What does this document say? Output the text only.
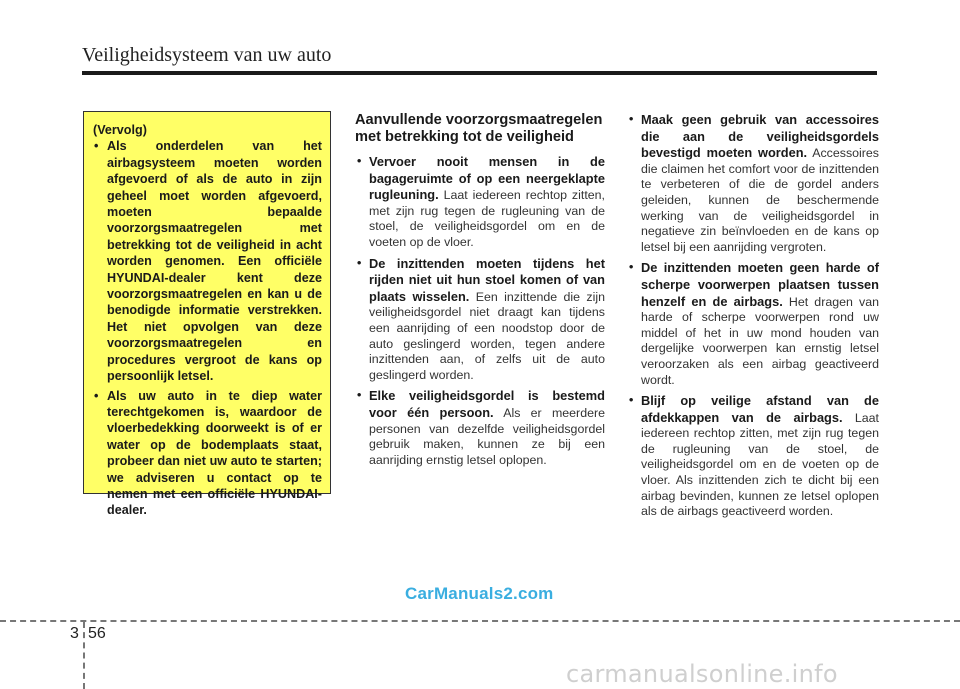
Veiligheidsysteem van uw auto
(Vervolg)
• Als onderdelen van het airbagsysteem moeten worden afgevoerd of als de auto in zijn geheel moet worden afgevoerd, moeten bepaalde voorzorgsmaatregelen met betrekking tot de veiligheid in acht worden genomen. Een officiële HYUNDAI-dealer kent deze voorzorgsmaatregelen en kan u de benodigde informatie verstrekken. Het niet opvolgen van deze voorzorgsmaatregelen en procedures vergroot de kans op persoonlijk letsel.
• Als uw auto in te diep water terechtgekomen is, waardoor de vloerbedekking doorweekt is of er water op de bodemplaats staat, probeer dan niet uw auto te starten; we adviseren u contact op te nemen met een officiële HYUNDAI-dealer.
Aanvullende voorzorgsmaatregelen met betrekking tot de veiligheid
• Vervoer nooit mensen in de bagageruimte of op een neergeklapte rugleuning. Laat iedereen rechtop zitten, met zijn rug tegen de rugleuning van de stoel, de veiligheidsgordel om en de voeten op de vloer.
• De inzittenden moeten tijdens het rijden niet uit hun stoel komen of van plaats wisselen. Een inzittende die zijn veiligheidsgordel niet draagt kan tijdens een aanrijding of een noodstop door de auto geslingerd worden, tegen andere inzittenden aan, of zelfs uit de auto geslingerd worden.
• Elke veiligheidsgordel is bestemd voor één persoon. Als er meerdere personen van dezelfde veiligheidsgordel gebruik maken, kunnen ze bij een aanrijding ernstig letsel oplopen.
• Maak geen gebruik van accessoires die aan de veiligheidsgordels bevestigd moeten worden. Accessoires die claimen het comfort voor de inzittenden te verbeteren of die de gordel anders geleiden, kunnen de beschermende werking van de veiligheidsgordel in negatieve zin beïnvloeden en de kans op letsel bij een aanrijding vergroten.
• De inzittenden moeten geen harde of scherpe voorwerpen plaatsen tussen henzelf en de airbags. Het dragen van harde of scherpe voorwerpen rond uw middel of het in uw mond houden van dergelijke voorwerpen kan ernstig letsel veroorzaken als een airbag geactiveerd wordt.
• Blijf op veilige afstand van de afdekkappen van de airbags. Laat iedereen rechtop zitten, met zijn rug tegen de rugleuning van de stoel, de veiligheidsgordel om en de voeten op de vloer. Als inzittenden zich te dicht bij een airbag bevinden, kunnen ze letsel oplopen als de airbags geactiveerd worden.
CarManuals2.com
3 56
carmanualsonline.info
